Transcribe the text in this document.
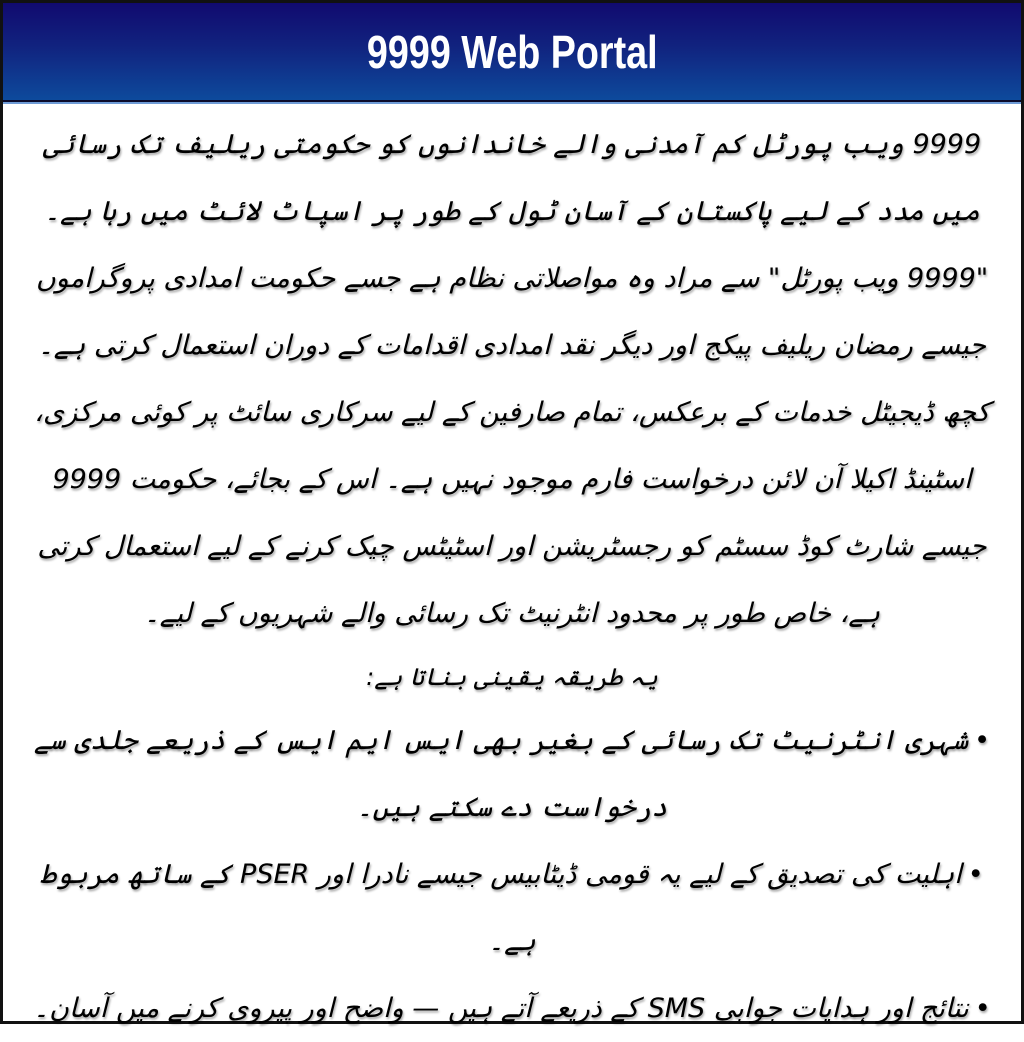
9999 Web Portal

9999 ویب پورٹل کم آمدنی والے خاندانوں کو حکومتی ریلیف تک رسائی میں مدد کے لیے پاکستان کے آسان ٹول کے طور پر اسپاٹ لائٹ میں رہا ہے۔

"9999 ویب پورٹل" سے مراد وہ مواصلاتی نظام ہے جسے حکومت امدادی پروگراموں جیسے رمضان ریلیف پیکج اور دیگر نقد امدادی اقدامات کے دوران استعمال کرتی ہے۔ کچھ ڈیجیٹل خدمات کے برعکس، تمام صارفین کے لیے سرکاری سائٹ پر کوئی مرکزی، اسٹینڈ اکیلا آن لائن درخواست فارم موجود نہیں ہے۔ اس کے بجائے، حکومت 9999 جیسے شارٹ کوڈ سسٹم کو رجسٹریشن اور اسٹیٹس چیک کرنے کے لیے استعمال کرتی ہے، خاص طور پر محدود انٹرنیٹ تک رسائی والے شہریوں کے لیے۔

یہ طریقہ یقینی بناتا ہے:

•شہری انٹرنیٹ تک رسائی کے بغیر بھی ایس ایم ایس کے ذریعے جلدی سے درخواست دے سکتے ہیں۔
•اہلیت کی تصدیق کے لیے یہ قومی ڈیٹابیس جیسے نادرا اور PSER کے ساتھ مربوط ہے۔
•نتائج اور ہدایات جوابی SMS کے ذریعے آتے ہیں — واضح اور پیروی کرنے میں آسان۔
